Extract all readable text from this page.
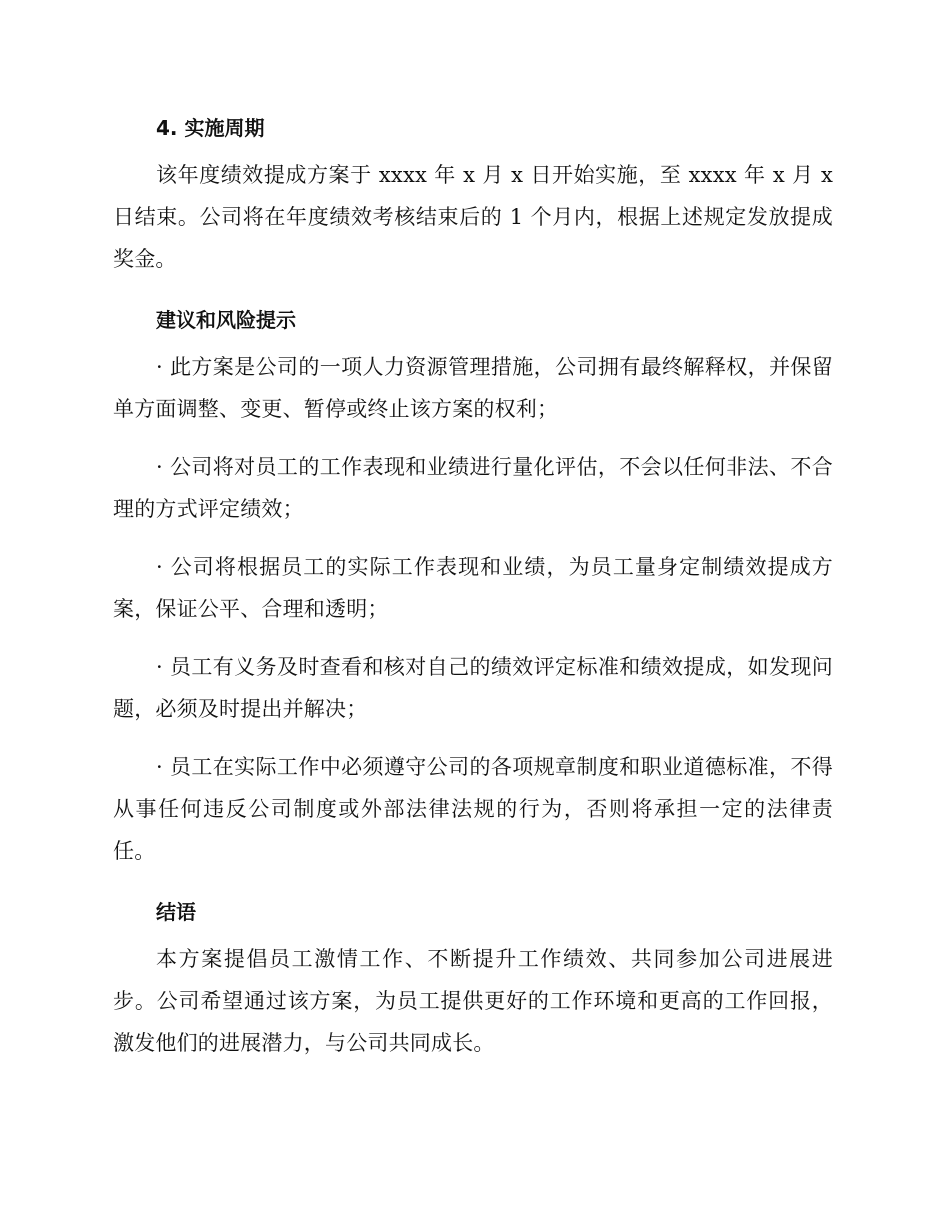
4. 实施周期

该年度绩效提成方案于 xxxx 年 x 月 x 日开始实施，至 xxxx 年 x 月 x 日结束。公司将在年度绩效考核结束后的 1 个月内，根据上述规定发放提成奖金。

建议和风险提示

· 此方案是公司的一项人力资源管理措施，公司拥有最终解释权，并保留单方面调整、变更、暂停或终止该方案的权利；

· 公司将对员工的工作表现和业绩进行量化评估，不会以任何非法、不合理的方式评定绩效；

· 公司将根据员工的实际工作表现和业绩，为员工量身定制绩效提成方案，保证公平、合理和透明；

· 员工有义务及时查看和核对自己的绩效评定标准和绩效提成，如发现问题，必须及时提出并解决；

· 员工在实际工作中必须遵守公司的各项规章制度和职业道德标准，不得从事任何违反公司制度或外部法律法规的行为，否则将承担一定的法律责任。

结语

本方案提倡员工激情工作、不断提升工作绩效、共同参加公司进展进步。公司希望通过该方案，为员工提供更好的工作环境和更高的工作回报，激发他们的进展潜力，与公司共同成长。
